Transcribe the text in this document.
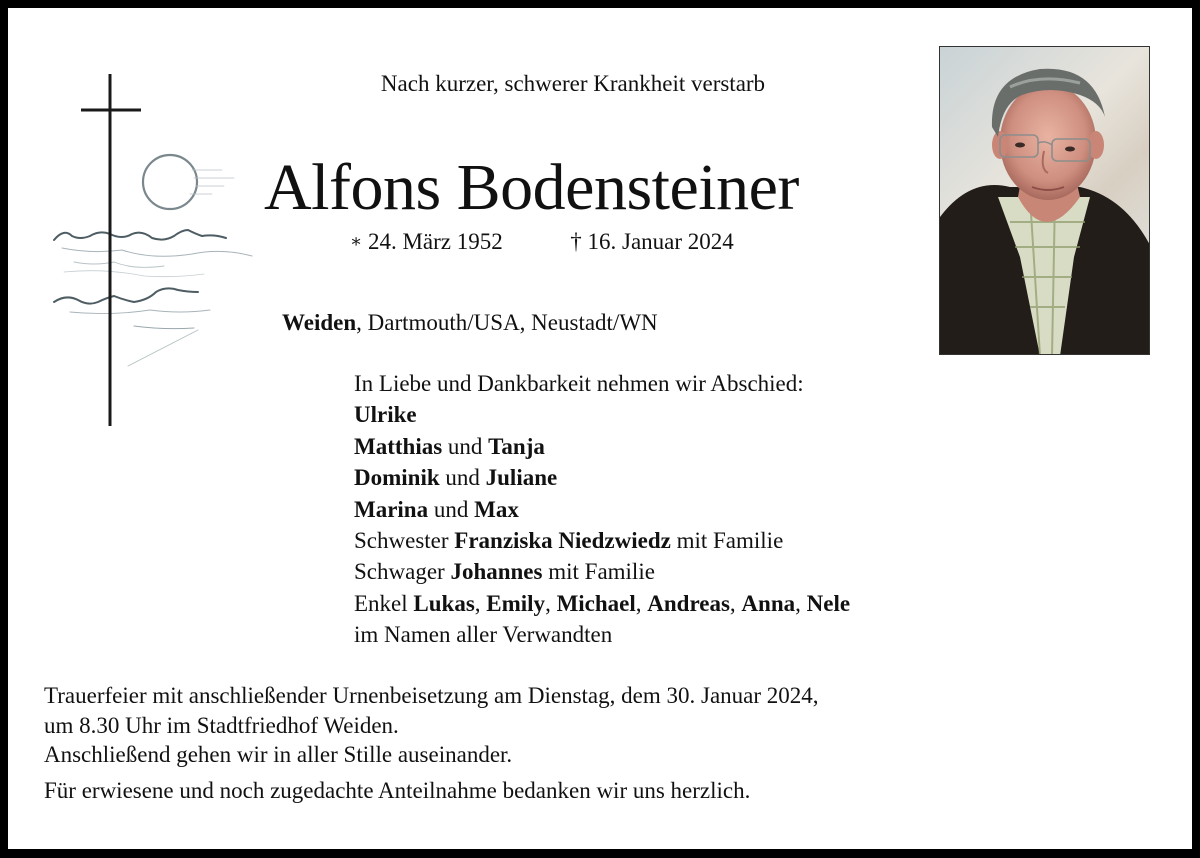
Nach kurzer, schwerer Krankheit verstarb
Alfons Bodensteiner
∗ 24. März 1952	† 16. Januar 2024
Weiden, Dartmouth/USA, Neustadt/WN
In Liebe und Dankbarkeit nehmen wir Abschied:
Ulrike
Matthias und Tanja
Dominik und Juliane
Marina und Max
Schwester Franziska Niedzwiedz mit Familie
Schwager Johannes mit Familie
Enkel Lukas, Emily, Michael, Andreas, Anna, Nele
im Namen aller Verwandten
Trauerfeier mit anschließender Urnenbeisetzung am Dienstag, dem 30. Januar 2024,
um 8.30 Uhr im Stadtfriedhof Weiden.
Anschließend gehen wir in aller Stille auseinander.
Für erwiesene und noch zugedachte Anteilnahme bedanken wir uns herzlich.
